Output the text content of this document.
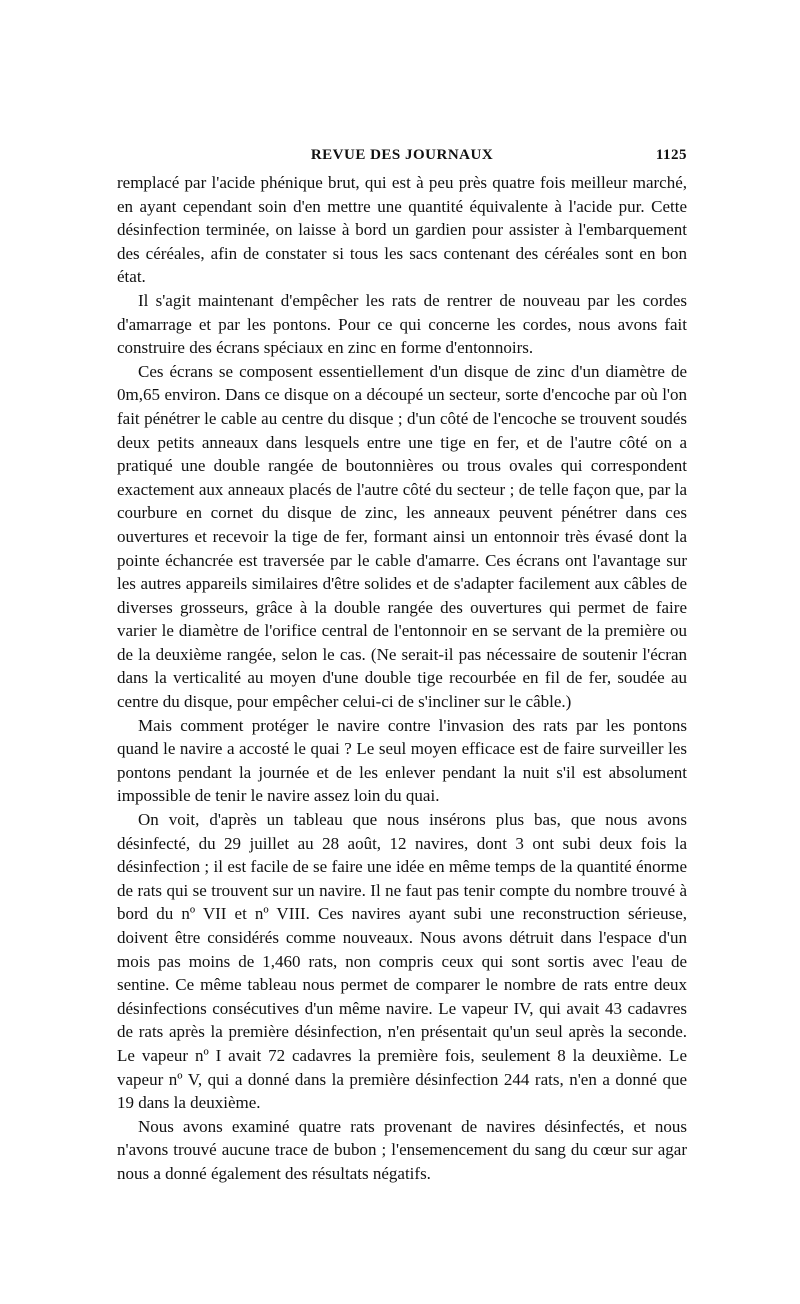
REVUE DES JOURNAUX	1125

remplacé par l'acide phénique brut, qui est à peu près quatre fois meilleur marché, en ayant cependant soin d'en mettre une quantité équivalente à l'acide pur. Cette désinfection terminée, on laisse à bord un gardien pour assister à l'embarquement des céréales, afin de constater si tous les sacs contenant des céréales sont en bon état.

Il s'agit maintenant d'empêcher les rats de rentrer de nouveau par les cordes d'amarrage et par les pontons. Pour ce qui concerne les cordes, nous avons fait construire des écrans spéciaux en zinc en forme d'entonnoirs.

Ces écrans se composent essentiellement d'un disque de zinc d'un diamètre de 0m,65 environ. Dans ce disque on a découpé un secteur, sorte d'encoche par où l'on fait pénétrer le cable au centre du disque ; d'un côté de l'encoche se trouvent soudés deux petits anneaux dans lesquels entre une tige en fer, et de l'autre côté on a pratiqué une double rangée de boutonnières ou trous ovales qui correspondent exactement aux anneaux placés de l'autre côté du secteur ; de telle façon que, par la courbure en cornet du disque de zinc, les anneaux peuvent pénétrer dans ces ouvertures et recevoir la tige de fer, formant ainsi un entonnoir très évasé dont la pointe échancrée est traversée par le cable d'amarre. Ces écrans ont l'avantage sur les autres appareils similaires d'être solides et de s'adapter facilement aux câbles de diverses grosseurs, grâce à la double rangée des ouvertures qui permet de faire varier le diamètre de l'orifice central de l'entonnoir en se servant de la première ou de la deuxième rangée, selon le cas. (Ne serait-il pas nécessaire de soutenir l'écran dans la verticalité au moyen d'une double tige recourbée en fil de fer, soudée au centre du disque, pour empêcher celui-ci de s'incliner sur le câble.)

Mais comment protéger le navire contre l'invasion des rats par les pontons quand le navire a accosté le quai ? Le seul moyen efficace est de faire surveiller les pontons pendant la journée et de les enlever pendant la nuit s'il est absolument impossible de tenir le navire assez loin du quai.

On voit, d'après un tableau que nous insérons plus bas, que nous avons désinfecté, du 29 juillet au 28 août, 12 navires, dont 3 ont subi deux fois la désinfection ; il est facile de se faire une idée en même temps de la quantité énorme de rats qui se trouvent sur un navire. Il ne faut pas tenir compte du nombre trouvé à bord du nº VII et nº VIII. Ces navires ayant subi une reconstruction sérieuse, doivent être considérés comme nouveaux. Nous avons détruit dans l'espace d'un mois pas moins de 1,460 rats, non compris ceux qui sont sortis avec l'eau de sentine. Ce même tableau nous permet de comparer le nombre de rats entre deux désinfections consécutives d'un même navire. Le vapeur IV, qui avait 43 cadavres de rats après la première désinfection, n'en présentait qu'un seul après la seconde. Le vapeur nº I avait 72 cadavres la première fois, seulement 8 la deuxième. Le vapeur nº V, qui a donné dans la première désinfection 244 rats, n'en a donné que 19 dans la deuxième.

Nous avons examiné quatre rats provenant de navires désinfectés, et nous n'avons trouvé aucune trace de bubon ; l'ensemencement du sang du cœur sur agar nous a donné également des résultats négatifs.
